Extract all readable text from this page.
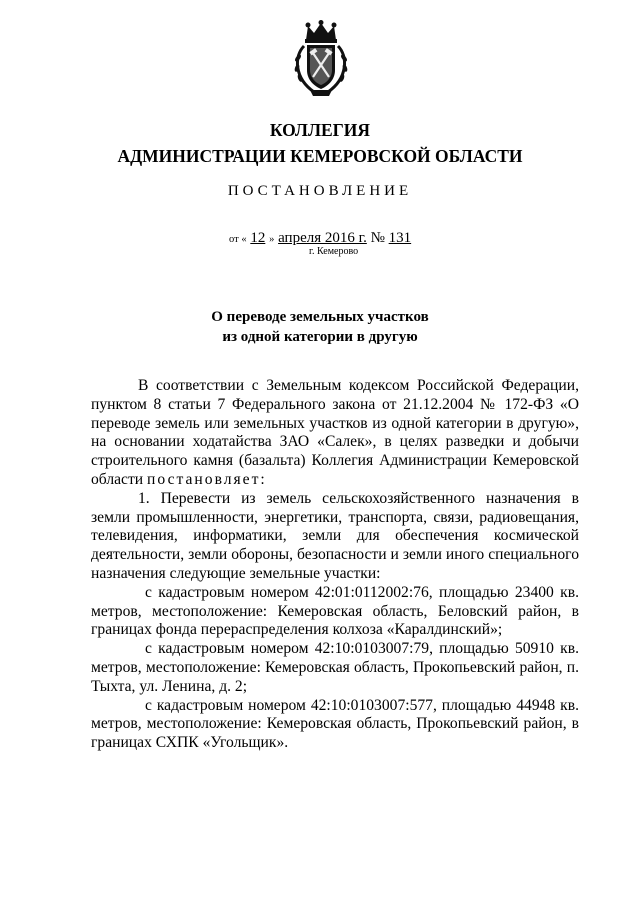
КОЛЛЕГИЯ
АДМИНИСТРАЦИИ КЕМЕРОВСКОЙ ОБЛАСТИ
ПОСТАНОВЛЕНИЕ
от « 12 » апреля 2016 г. № 131
г. Кемерово
О переводе земельных участков
из одной категории в другую

В соответствии с Земельным кодексом Российской Федерации, пунктом 8 статьи 7 Федерального закона от 21.12.2004 № 172-ФЗ «О переводе земель или земельных участков из одной категории в другую», на основании ходатайства ЗАО «Салек», в целях разведки и добычи строительного камня (базальта) Коллегия Администрации Кемеровской области постановляет:

1. Перевести из земель сельскохозяйственного назначения в земли промышленности, энергетики, транспорта, связи, радиовещания, телевидения, информатики, земли для обеспечения космической деятельности, земли обороны, безопасности и земли иного специального назначения следующие земельные участки:

с кадастровым номером 42:01:0112002:76, площадью 23400 кв. метров, местоположение: Кемеровская область, Беловский район, в границах фонда перераспределения колхоза «Каралдинский»;

с кадастровым номером 42:10:0103007:79, площадью 50910 кв. метров, местоположение: Кемеровская область, Прокопьевский район, п. Тыхта, ул. Ленина, д. 2;

с кадастровым номером 42:10:0103007:577, площадью 44948 кв. метров, местоположение: Кемеровская область, Прокопьевский район, в границах СХПК «Угольщик».
